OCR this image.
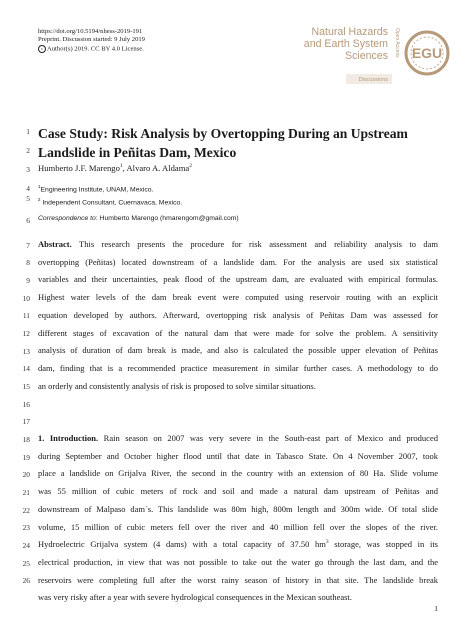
https://doi.org/10.5194/nhess-2019-191
Preprint. Discussion started: 9 July 2019
c Author(s) 2019. CC BY 4.0 License.
Natural Hazards
and Earth System
Sciences
Discussions
Open Access EGU
1
2
3
4
5
6
7
8
9
10
11
12
13
14
15
16
17
18
19
20
21
22
23
24
25
26
Case Study: Risk Analysis by Overtopping During an Upstream
Landslide in Peñitas Dam, Mexico
Humberto J.F. Marengo$^1$, Alvaro A. Aldama$^2$
$^1$Engineering Institute, UNAM, Mexico.
$^2$ Independent Consultant, Cuernavaca, Mexico.
Correspondence to: Humberto Marengo (hmarengom@gmail.com)
Abstract. This research presents the procedure for risk assessment and reliability analysis to dam
overtopping (Peñitas) located downstream of a landslide dam. For the analysis are used six statistical
variables and their uncertainties, peak flood of the upstream dam, are evaluated with empirical formulas.
Highest water levels of the dam break event were computed using reservoir routing with an explicit
equation developed by authors. Afterward, overtopping risk analysis of Peñitas Dam was assessed for
different stages of excavation of the natural dam that were made for solve the problem. A sensitivity
analysis of duration of dam break is made, and also is calculated the possible upper elevation of Peñitas
dam, finding that is a recommended practice measurement in similar further cases. A methodology to do
an orderly and consistently analysis of risk is proposed to solve similar situations.
1. Introduction. Rain season on 2007 was very severe in the South-east part of Mexico and produced
during September and October higher flood until that date in Tabasco State. On 4 November 2007, took
place a landslide on Grijalva River, the second in the country with an extension of 80 Ha. Slide volume
was 55 million of cubic meters of rock and soil and made a natural dam upstream of Peñitas and
downstream of Malpaso dam´s. This landslide was 80m high, 800m length and 300m wide. Of total slide
volume, 15 million of cubic meters fell over the river and 40 million fell over the slopes of the river.
Hydroelectric Grijalva system (4 dams) with a total capacity of 37.50 $hm^3$ storage, was stopped in its
electrical production, in view that was not possible to take out the water go through the last dam, and the
reservoirs were completing full after the worst rainy season of history in that site. The landslide break
was very risky after a year with severe hydrological consequences in the Mexican southeast.
1
